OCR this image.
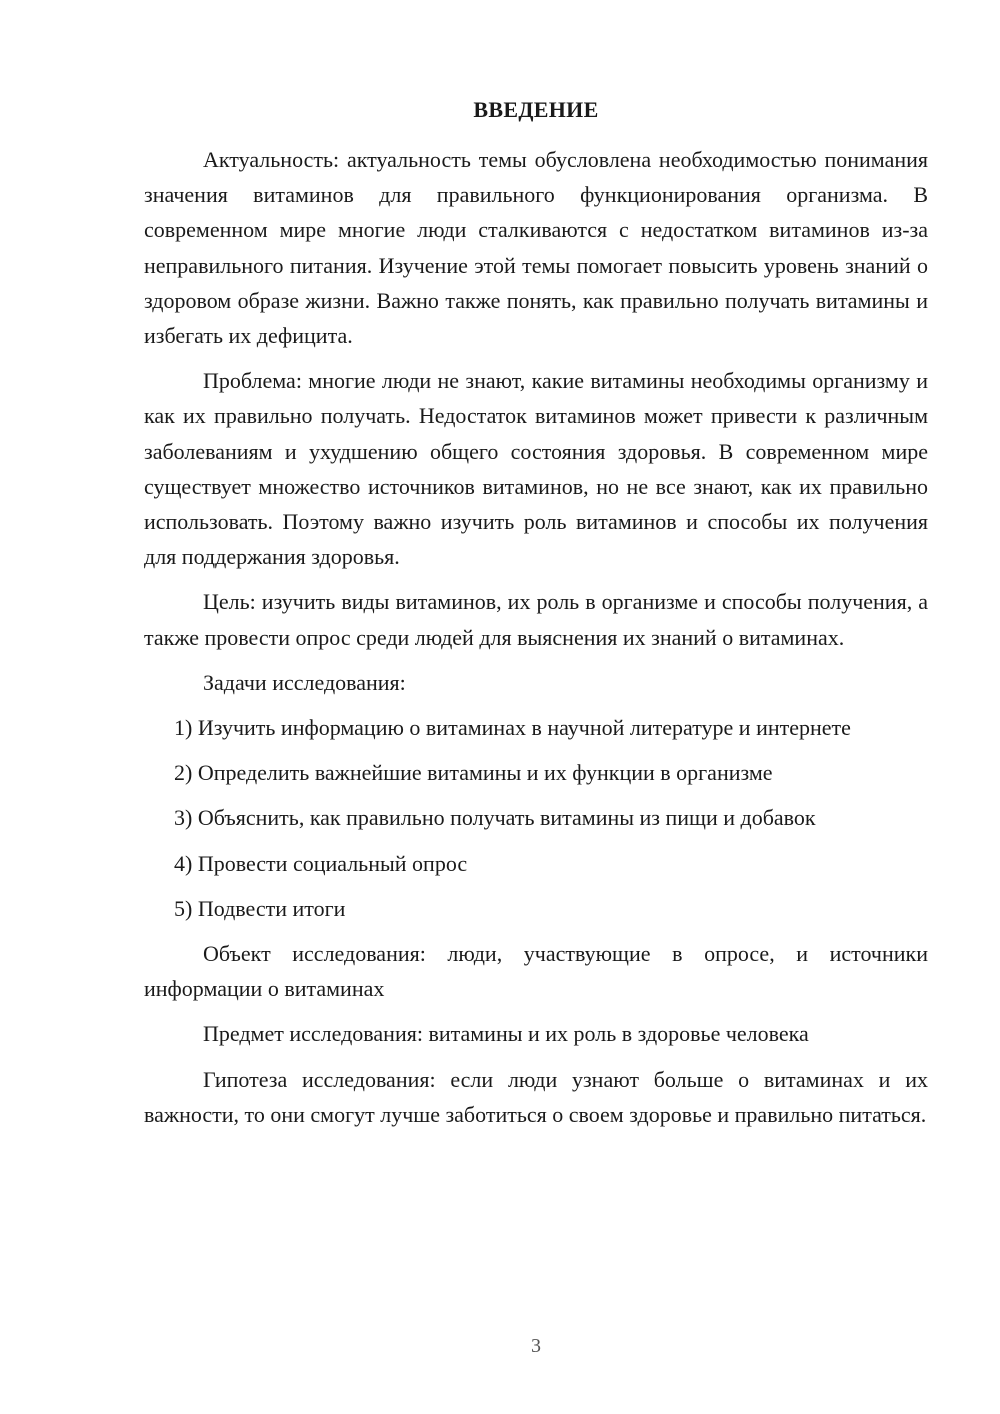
ВВЕДЕНИЕ

Актуальность: актуальность темы обусловлена необходимостью понимания значения витаминов для правильного функционирования организма. В современном мире многие люди сталкиваются с недостатком витаминов из-за неправильного питания. Изучение этой темы помогает повысить уровень знаний о здоровом образе жизни. Важно также понять, как правильно получать витамины и избегать их дефицита.

Проблема: многие люди не знают, какие витамины необходимы организму и как их правильно получать. Недостаток витаминов может привести к различным заболеваниям и ухудшению общего состояния здоровья. В современном мире существует множество источников витаминов, но не все знают, как их правильно использовать. Поэтому важно изучить роль витаминов и способы их получения для поддержания здоровья.

Цель: изучить виды витаминов, их роль в организме и способы получения, а также провести опрос среди людей для выяснения их знаний о витаминах.

Задачи исследования:

1) Изучить информацию о витаминах в научной литературе и интернете

2) Определить важнейшие витамины и их функции в организме

3) Объяснить, как правильно получать витамины из пищи и добавок

4) Провести социальный опрос

5) Подвести итоги

Объект исследования: люди, участвующие в опросе, и источники информации о витаминах

Предмет исследования: витамины и их роль в здоровье человека

Гипотеза исследования: если люди узнают больше о витаминах и их важности, то они смогут лучше заботиться о своем здоровье и правильно питаться.

3
